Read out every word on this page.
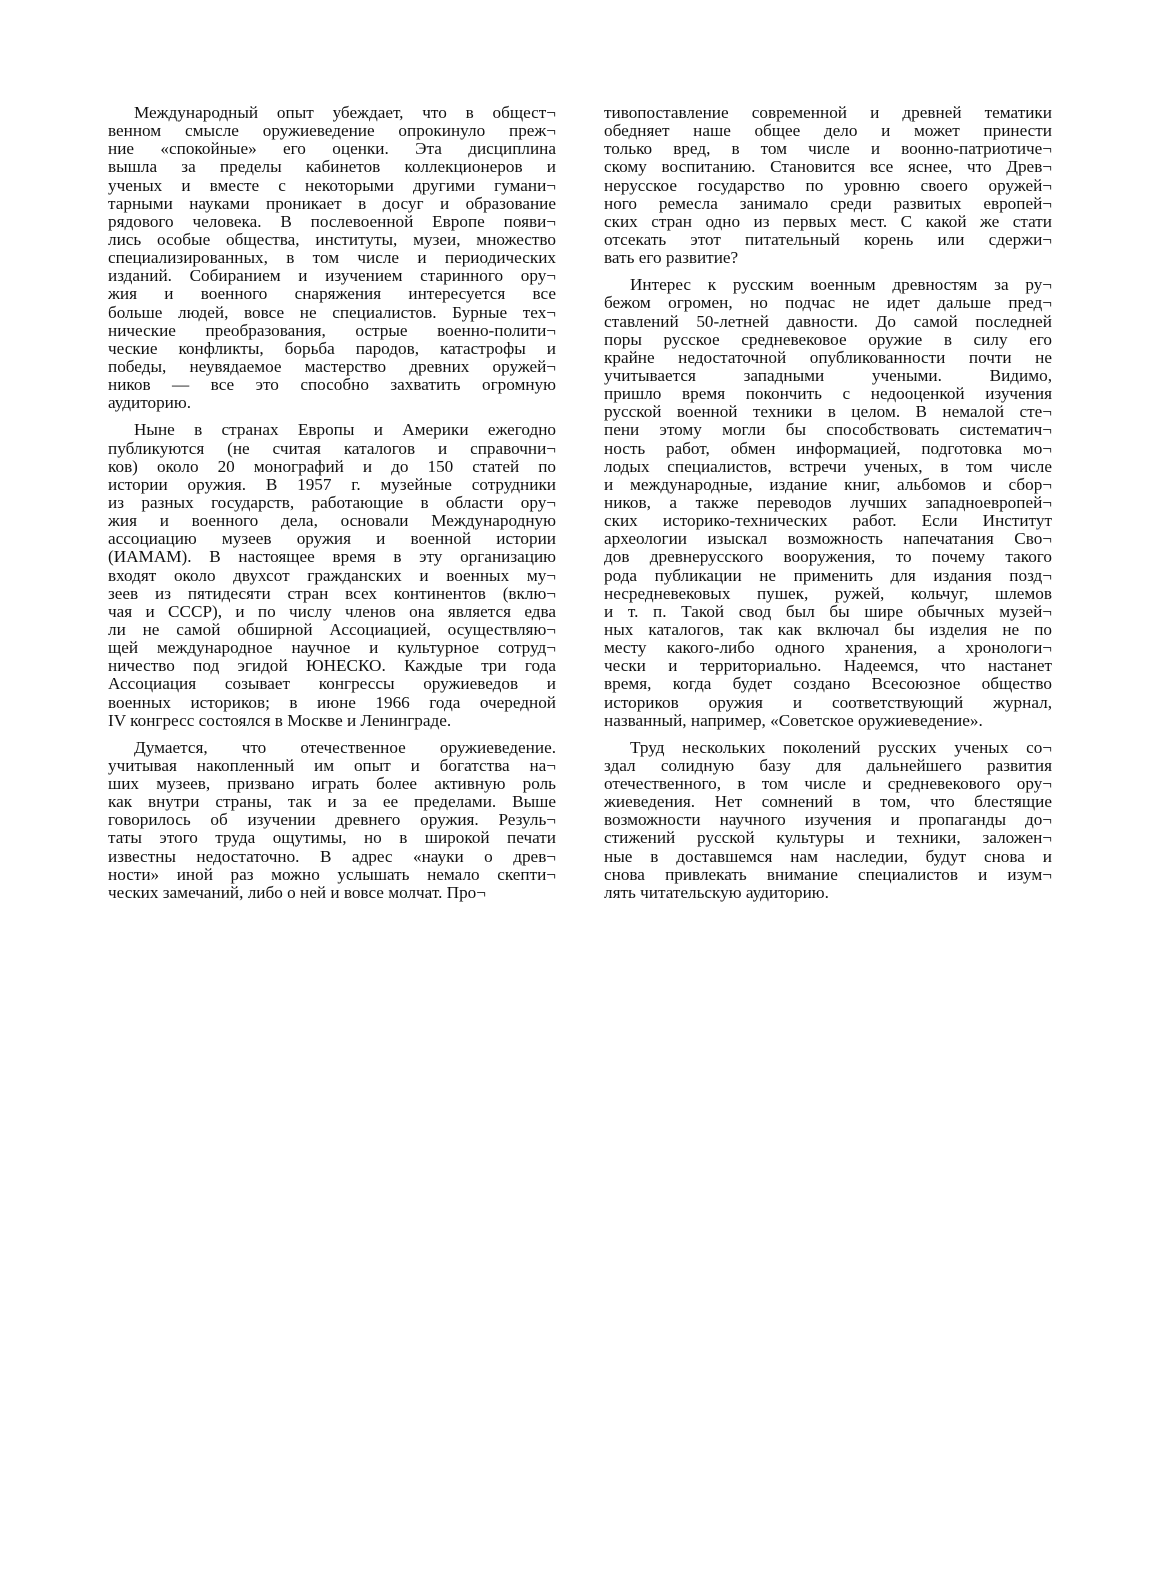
Международный опыт убеждает, что в общест¬
венном смысле оружиеведение опрокинуло преж¬
ние «спокойные» его оценки. Эта дисциплина
вышла за пределы кабинетов коллекционеров и
ученых и вместе с некоторыми другими гумани¬
тарными науками проникает в досуг и образование
рядового человека. В послевоенной Европе появи¬
лись особые общества, институты, музеи, множество
специализированных, в том числе и периодических
изданий. Собиранием и изучением старинного ору¬
жия и военного снаряжения интересуется все
больше людей, вовсе не специалистов. Бурные тех¬
нические преобразования, острые военно-полити¬
ческие конфликты, борьба пародов, катастрофы и
победы, неувядаемое мастерство древних оружей¬
ников — все это способно захватить огромную
аудиторию.
Ныне в странах Европы и Америки ежегодно
публикуются (не считая каталогов и справочни¬
ков) около 20 монографий и до 150 статей по
истории оружия. В 1957 г. музейные сотрудники
из разных государств, работающие в области ору¬
жия и военного дела, основали Международную
ассоциацию музеев оружия и военной истории
(ИАМАМ). В настоящее время в эту организацию
входят около двухсот гражданских и военных му¬
зеев из пятидесяти стран всех континентов (вклю¬
чая и СССР), и по числу членов она является едва
ли не самой обширной Ассоциацией, осуществляю¬
щей международное научное и культурное сотруд¬
ничество под эгидой ЮНЕСКО. Каждые три года
Ассоциация созывает конгрессы оружиеведов и
военных историков; в июне 1966 года очередной
IV конгресс состоялся в Москве и Ленинграде.
Думается, что отечественное оружиеведение.
учитывая накопленный им опыт и богатства на¬
ших музеев, призвано играть более активную роль
как внутри страны, так и за ее пределами. Выше
говорилось об изучении древнего оружия. Резуль¬
таты этого труда ощутимы, но в широкой печати
известны недостаточно. В адрес «науки о древ¬
ности» иной раз можно услышать немало скепти¬
ческих замечаний, либо о ней и вовсе молчат. Про¬
тивопоставление современной и древней тематики
обедняет наше общее дело и может принести
только вред, в том числе и воонно-патриотиче¬
скому воспитанию. Становится все яснее, что Древ¬
нерусское государство по уровню своего оружей¬
ного ремесла занимало среди развитых европей¬
ских стран одно из первых мест. С какой же стати
отсекать этот питательный корень или сдержи¬
вать его развитие?
Интерес к русским военным древностям за ру¬
бежом огромен, но подчас не идет дальше пред¬
ставлений 50-летней давности. До самой последней
поры русское средневековое оружие в силу его
крайне недостаточной опубликованности почти не
учитывается западными учеными. Видимо,
пришло время покончить с недооценкой изучения
русской военной техники в целом. В немалой сте¬
пени этому могли бы способствовать систематич¬
ность работ, обмен информацией, подготовка мо¬
лодых специалистов, встречи ученых, в том числе
и международные, издание книг, альбомов и сбор¬
ников, а также переводов лучших западноевропей¬
ских историко-технических работ. Если Институт
археологии изыскал возможность напечатания Сво¬
дов древнерусского вооружения, то почему такого
рода публикации не применить для издания позд¬
несредневековых пушек, ружей, кольчуг, шлемов
и т. п. Такой свод был бы шире обычных музей¬
ных каталогов, так как включал бы изделия не по
месту какого-либо одного хранения, а хронологи¬
чески и территориально. Надеемся, что настанет
время, когда будет создано Всесоюзное общество
историков оружия и соответствующий журнал,
названный, например, «Советское оружиеведение».
Труд нескольких поколений русских ученых со¬
здал солидную базу для дальнейшего развития
отечественного, в том числе и средневекового ору¬
жиеведения. Нет сомнений в том, что блестящие
возможности научного изучения и пропаганды до¬
стижений русской культуры и техники, заложен¬
ные в доставшемся нам наследии, будут снова и
снова привлекать внимание специалистов и изум¬
лять читательскую аудиторию.
